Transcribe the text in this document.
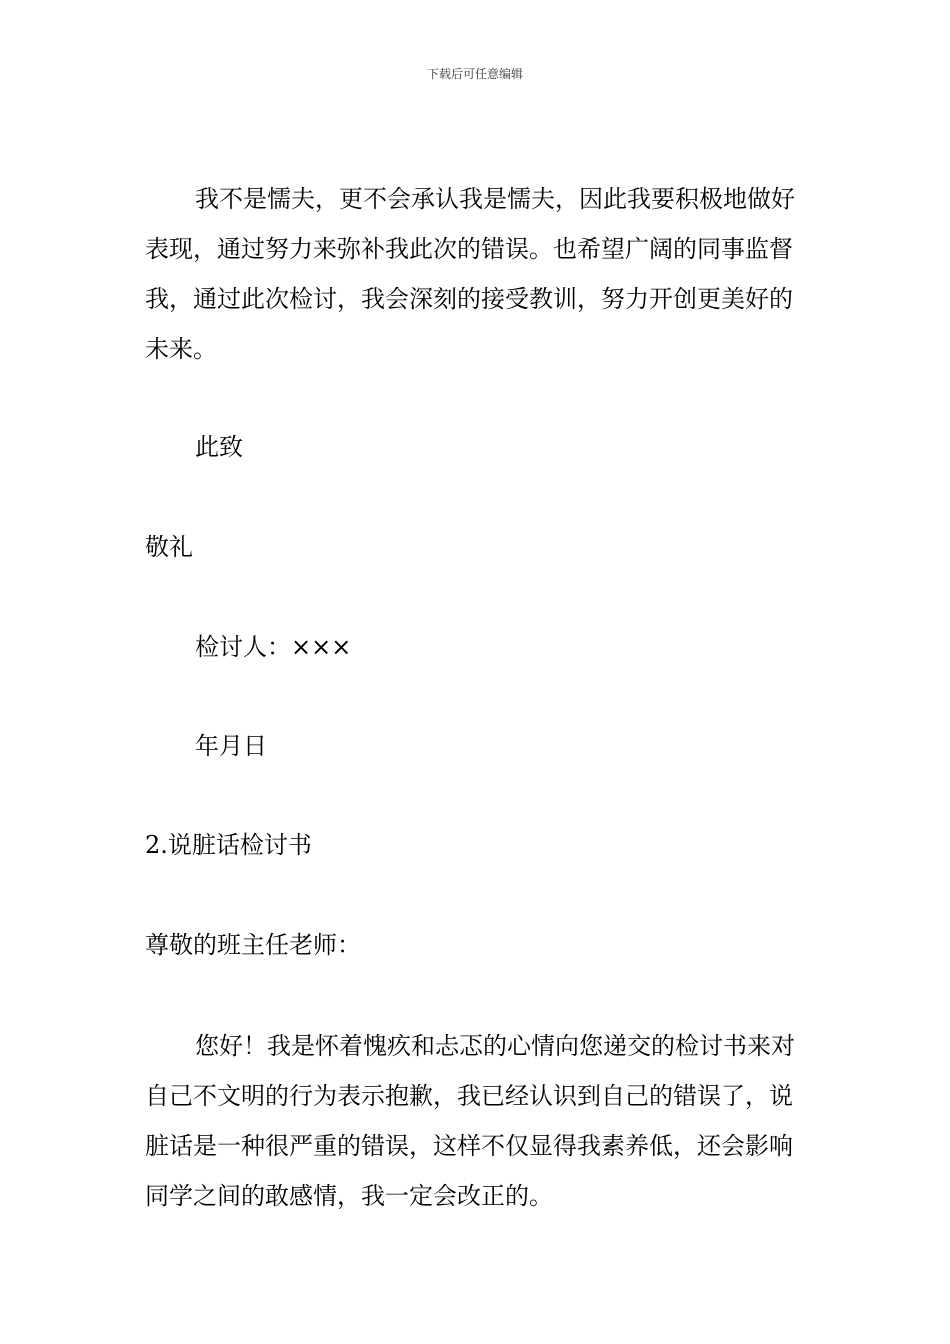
下载后可任意编辑

我不是懦夫，更不会承认我是懦夫，因此我要积极地做好表现，通过努力来弥补我此次的错误。也希望广阔的同事监督我，通过此次检讨，我会深刻的接受教训，努力开创更美好的未来。

此致

敬礼

检讨人：×××

年月日

2.说脏话检讨书

尊敬的班主任老师：

您好！我是怀着愧疚和忐忑的心情向您递交的检讨书来对自己不文明的行为表示抱歉，我已经认识到自己的错误了，说脏话是一种很严重的错误，这样不仅显得我素养低，还会影响同学之间的敢感情，我一定会改正的。
